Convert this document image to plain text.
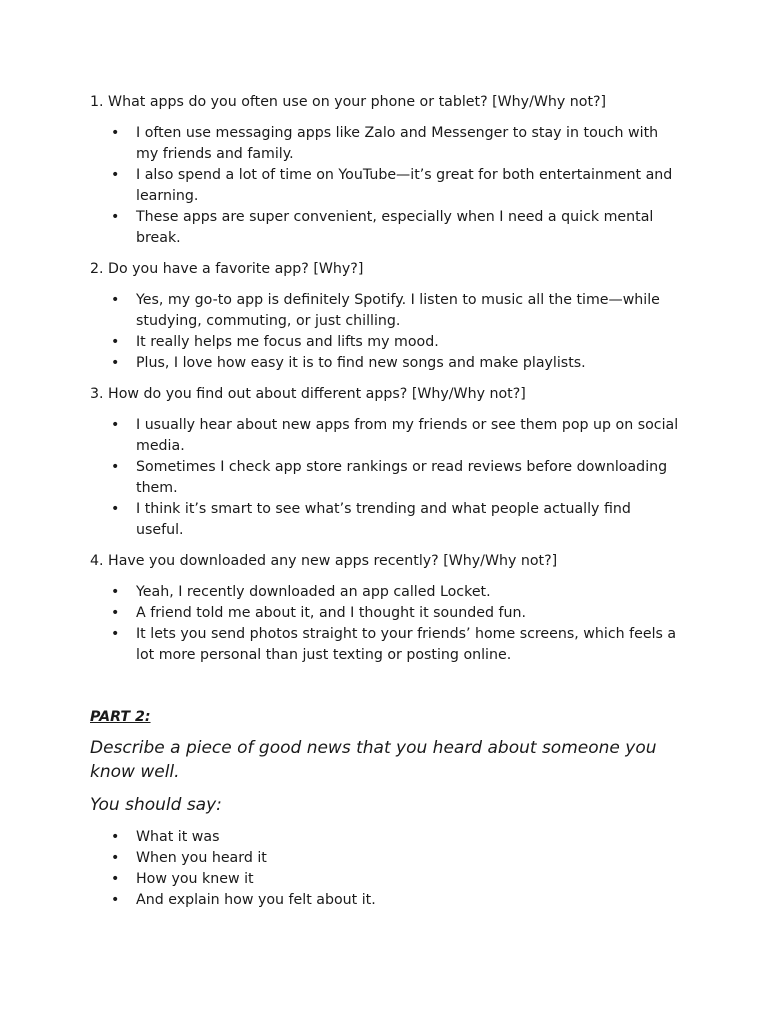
1. What apps do you often use on your phone or tablet? [Why/Why not?]

• I often use messaging apps like Zalo and Messenger to stay in touch with my friends and family.
• I also spend a lot of time on YouTube—it’s great for both entertainment and learning.
• These apps are super convenient, especially when I need a quick mental break.

2. Do you have a favorite app? [Why?]

• Yes, my go-to app is definitely Spotify. I listen to music all the time—while studying, commuting, or just chilling.
• It really helps me focus and lifts my mood.
• Plus, I love how easy it is to find new songs and make playlists.

3. How do you find out about different apps? [Why/Why not?]

• I usually hear about new apps from my friends or see them pop up on social media.
• Sometimes I check app store rankings or read reviews before downloading them.
• I think it’s smart to see what’s trending and what people actually find useful.

4. Have you downloaded any new apps recently? [Why/Why not?]

• Yeah, I recently downloaded an app called Locket.
• A friend told me about it, and I thought it sounded fun.
• It lets you send photos straight to your friends’ home screens, which feels a lot more personal than just texting or posting online.

PART 2:

Describe a piece of good news that you heard about someone you know well.

You should say:

• What it was
• When you heard it
• How you knew it
• And explain how you felt about it.
